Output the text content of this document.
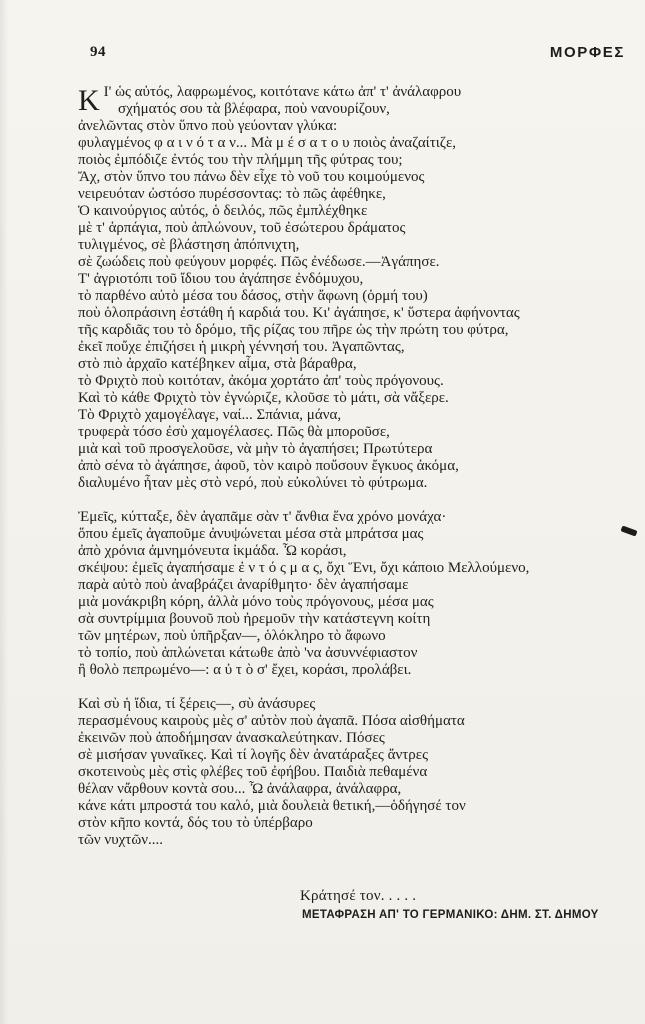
94	ΜΟΡΦΕΣ
Κ Ι' ὡς αὐτός, λαφρωμένος, κοιτότανε κάτω ἀπ' τ' ἀνάλαφρου
σχήματός σου τὰ βλέφαρα, ποὺ νανουρίζουν,
ἀνελῶντας στὸν ὕπνο ποὺ γεύονταν γλύκα:
φυλαγμένος φ α ι ν ό τ α ν... Μὰ μ έ σ α τ ο υ ποιὸς ἀναζαίτιζε,
ποιὸς ἐμπόδιζε ἐντός του τὴν πλήμμη τῆς φύτρας του;
Ἄχ, στὸν ὕπνο του πάνω δὲν εἶχε τὸ νοῦ του κοιμούμενος
νειρευόταν ὡστόσο πυρέσσοντας: τὸ πῶς ἀφέθηκε,
Ὁ καινούργιος αὐτός, ὁ δειλός, πῶς ἐμπλέχθηκε
μὲ τ' ἁρπάγια, ποὺ ἁπλώνουν, τοῦ ἐσώτερου δράματος
τυλιγμένος, σὲ βλάστηση ἀπόπνιχτη,
σὲ ζωώδεις ποὺ φεύγουν μορφές. Πῶς ἐνέδωσε.—Ἀγάπησε.
Τ' ἀγριοτόπι τοῦ ἴδιου του ἀγάπησε ἐνδόμυχου,
τὸ παρθένο αὐτὸ μέσα του δάσος, στὴν ἄφωνη (ὁρμή του)
ποὺ ὁλοπράσινη ἐστάθη ἡ καρδιά του. Κι' ἀγάπησε, κ' ὕστερα ἀφήνοντας
τῆς καρδιᾶς του τὸ δρόμο, τῆς ρίζας του πῆρε ὡς τὴν πρώτη του φύτρα,
ἐκεῖ ποὔχε ἐπιζήσει ἡ μικρὴ γέννησή του. Ἀγαπῶντας,
στὸ πιὸ ἀρχαῖο κατέβηκεν αἷμα, στὰ βάραθρα,
τὸ Φριχτὸ ποὺ κοιτόταν, ἀκόμα χορτάτο ἀπ' τοὺς πρόγονους.
Καὶ τὸ κάθε Φριχτὸ τὸν ἐγνώριζε, κλοῦσε τὸ μάτι, σὰ νἄξερε.
Τὸ Φριχτὸ χαμογέλαγε, ναί... Σπάνια, μάνα,
τρυφερὰ τόσο ἐσὺ χαμογέλασες. Πῶς θὰ μποροῦσε,
μιὰ καὶ τοῦ προσγελοῦσε, νὰ μὴν τὸ ἀγαπήσει; Πρωτύτερα
ἀπὸ σένα τὸ ἀγάπησε, ἀφοῦ, τὸν καιρὸ ποὔσουν ἔγκυος ἀκόμα,
διαλυμένο ἦταν μὲς στὸ νερό, ποὺ εὐκολύνει τὸ φύτρωμα.
Ἐμεῖς, κύτταξε, δὲν ἀγαπᾶμε σὰν τ' ἄνθια ἕνα χρόνο μονάχα·
ὅπου ἐμεῖς ἀγαποῦμε ἀνυψώνεται μέσα στὰ μπράτσα μας
ἀπὸ χρόνια ἀμνημόνευτα ἰκμάδα. Ὦ κοράσι,
σκέψου: ἐμεῖς ἀγαπήσαμε ἐ ν τ ό ς μ α ς, ὄχι Ἕνι, ὄχι κάποιο Μελλούμενο,
παρὰ αὐτὸ ποὺ ἀναβράζει ἀναρίθμητο· δὲν ἀγαπήσαμε
μιὰ μονάκριβη κόρη, ἀλλὰ μόνο τοὺς πρόγονους, μέσα μας
σὰ συντρίμμια βουνοῦ ποὺ ἠρεμοῦν τὴν κατάστεγνη κοίτη
τῶν μητέρων, ποὺ ὑπῆρξαν—, ὁλόκληρο τὸ ἄφωνο
τὸ τοπίο, ποὺ ἁπλώνεται κάτωθε ἀπὸ 'να ἀσυννέφιαστον
ἢ θολὸ πεπρωμένο—: α ὐ τ ὸ σ' ἔχει, κοράσι, προλάβει.
Καὶ σὺ ἡ ἴδια, τί ξέρεις—, σὺ ἀνάσυρες
περασμένους καιροὺς μὲς σ' αὐτὸν ποὺ ἀγαπᾶ. Πόσα αἰσθήματα
ἐκεινῶν ποὺ ἀποδήμησαν ἀνασκαλεύτηκαν. Πόσες
σὲ μισήσαν γυναῖκες. Καὶ τί λογῆς δὲν ἀνατάραξες ἄντρες
σκοτεινοὺς μὲς στὶς φλέβες τοῦ ἐφήβου. Παιδιὰ πεθαμένα
θέλαν νἄρθουν κοντὰ σου... Ὦ ἀνάλαφρα, ἀνάλαφρα,
κάνε κάτι μπροστά του καλό, μιὰ δουλειὰ θετική,—ὁδήγησέ τον
στὸν κῆπο κοντά, δός του τὸ ὑπέρβαρο
τῶν νυχτῶν....
Κράτησέ τον. . . . .
ΜΕΤΑΦΡΑΣΗ ΑΠ' ΤΟ ΓΕΡΜΑΝΙΚΟ: ΔΗΜ. ΣΤ. ΔΗΜΟΥ
